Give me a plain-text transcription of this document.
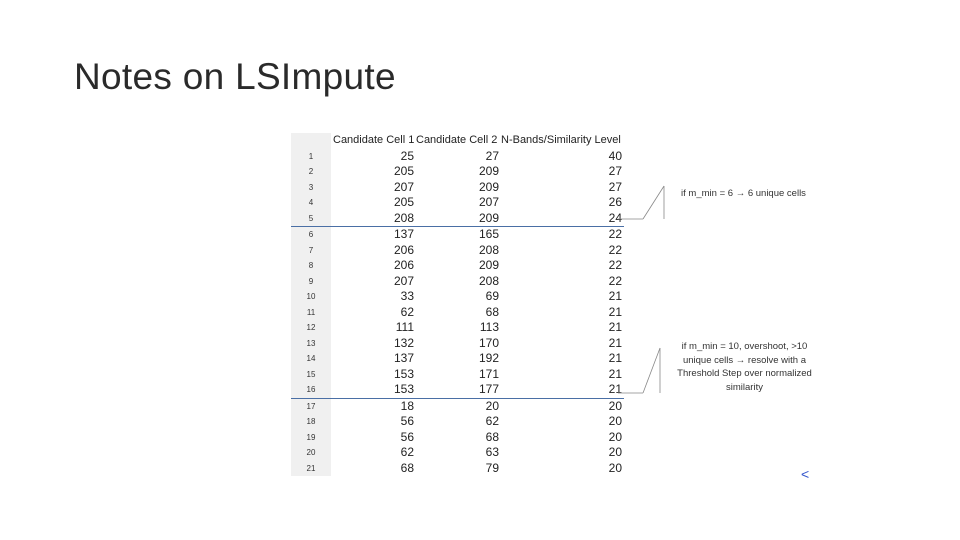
Notes on LSImpute
	Candidate Cell 1	Candidate Cell 2	N-Bands/Similarity Level
1	25	27	40
2	205	209	27
3	207	209	27
4	205	207	26
5	208	209	24
6	137	165	22
7	206	208	22
8	206	209	22
9	207	208	22
10	33	69	21
11	62	68	21
12	111	113	21
13	132	170	21
14	137	192	21
15	153	171	21
16	153	177	21
17	18	20	20
18	56	62	20
19	56	68	20
20	62	63	20
21	68	79	20
if m_min = 6 → 6 unique cells
if m_min = 10, overshoot, >10 unique cells → resolve with a Threshold Step over normalized similarity
<
